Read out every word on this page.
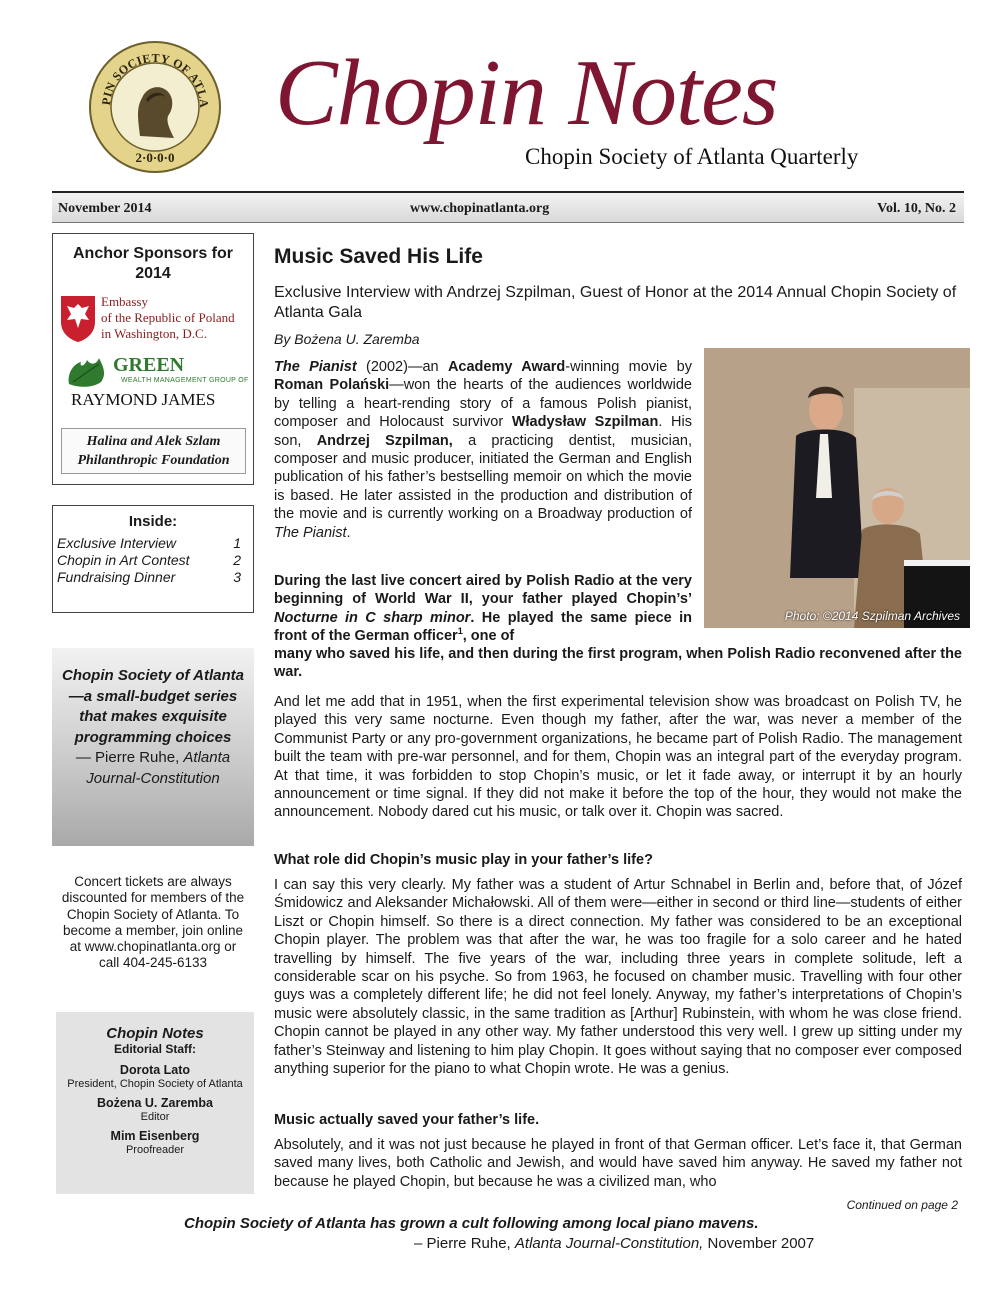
PIN SOCIETY OF ATLA
2·0·0·0
Chopin Notes
Chopin Society of Atlanta Quarterly
November 2014	www.chopinatlanta.org	Vol. 10, No. 2
Anchor Sponsors for 2014
Embassy
of the Republic of Poland
in Washington, D.C.
GREEN
WEALTH MANAGEMENT GROUP OF
RAYMOND JAMES
Halina and Alek Szlam
Philanthropic Foundation
Inside:
Exclusive Interview	1
Chopin in Art Contest	2
Fundraising Dinner	3
Chopin Society of Atlanta—a small-budget series that makes exquisite programming choices
— Pierre Ruhe, Atlanta Journal-Constitution
Concert tickets are always discounted for members of the Chopin Society of Atlanta. To become a member, join online at www.chopinatlanta.org or call 404-245-6133
Chopin Notes
Editorial Staff:
Dorota Lato
President, Chopin Society of Atlanta
Bożena U. Zaremba
Editor
Mim Eisenberg
Proofreader
Music Saved His Life
Exclusive Interview with Andrzej Szpilman, Guest of Honor at the 2014 Annual Chopin Society of Atlanta Gala
By Bożena U. Zaremba
Photo: ©2014 Szpilman Archives
The Pianist (2002)—an Academy Award-winning movie by Roman Polański—won the hearts of the audiences worldwide by telling a heart-rending story of a famous Polish pianist, composer and Holocaust survivor Władysław Szpilman. His son, Andrzej Szpilman, a practicing dentist, musician, composer and music producer, initiated the German and English publication of his father’s bestselling memoir on which the movie is based. He later assisted in the production and distribution of the movie and is currently working on a Broadway production of The Pianist.
During the last live concert aired by Polish Radio at the very beginning of World War II, your father played Chopin’s’ Nocturne in C sharp minor. He played the same piece in front of the German officer$^1$, one of
many who saved his life, and then during the first program, when Polish Radio reconvened after the war.
And let me add that in 1951, when the first experimental television show was broadcast on Polish TV, he played this very same nocturne. Even though my father, after the war, was never a member of the Communist Party or any pro-government organizations, he became part of Polish Radio. The management built the team with pre-war personnel, and for them, Chopin was an integral part of the everyday program. At that time, it was forbidden to stop Chopin’s music, or let it fade away, or interrupt it by an hourly announcement or time signal. If they did not make it before the top of the hour, they would not make the announcement. Nobody dared cut his music, or talk over it. Chopin was sacred.
What role did Chopin’s music play in your father’s life?
I can say this very clearly. My father was a student of Artur Schnabel in Berlin and, before that, of Józef Śmidowicz and Aleksander Michałowski. All of them were—either in second or third line—students of either Liszt or Chopin himself. So there is a direct connection. My father was considered to be an exceptional Chopin player. The problem was that after the war, he was too fragile for a solo career and he hated travelling by himself. The five years of the war, including three years in complete solitude, left a considerable scar on his psyche. So from 1963, he focused on chamber music. Travelling with four other guys was a completely different life; he did not feel lonely. Anyway, my father’s interpretations of Chopin’s music were absolutely classic, in the same tradition as [Arthur] Rubinstein, with whom he was close friend. Chopin cannot be played in any other way. My father understood this very well. I grew up sitting under my father’s Steinway and listening to him play Chopin. It goes without saying that no composer ever composed anything superior for the piano to what Chopin wrote. He was a genius.
Music actually saved your father’s life.
Absolutely, and it was not just because he played in front of that German officer. Let’s face it, that German saved many lives, both Catholic and Jewish, and would have saved him anyway. He saved my father not because he played Chopin, but because he was a civilized man, who
Continued on page 2
Chopin Society of Atlanta has grown a cult following among local piano mavens.
– Pierre Ruhe, Atlanta Journal-Constitution, November 2007
